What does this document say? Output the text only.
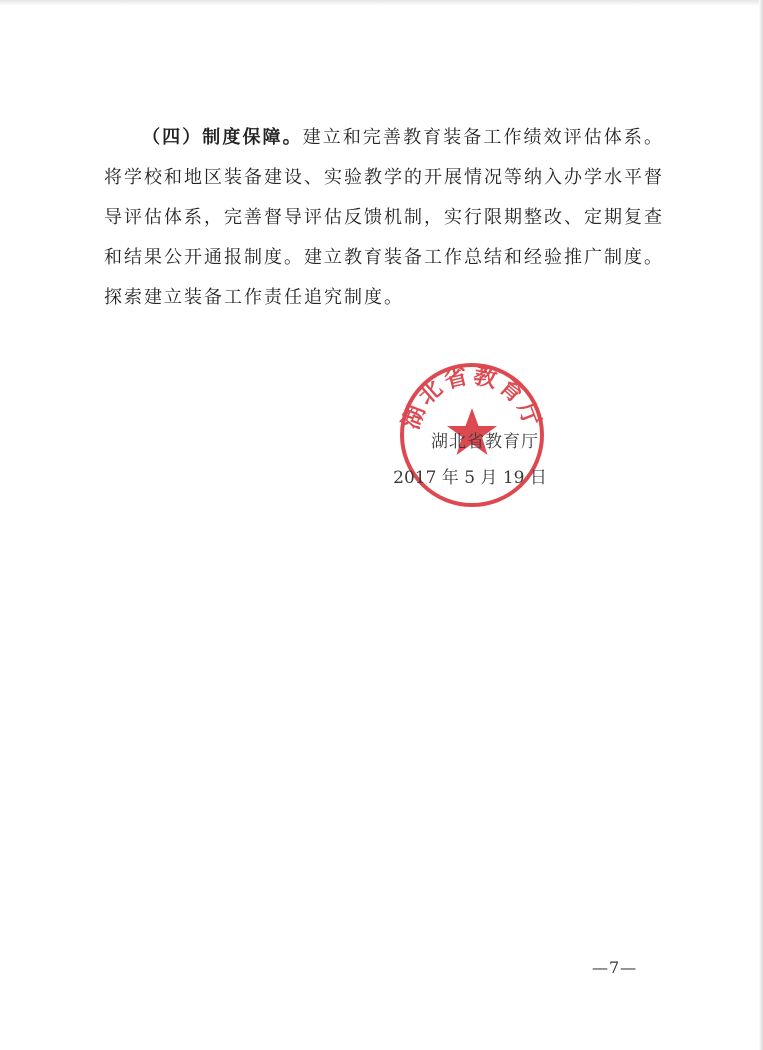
（四）制度保障。建立和完善教育装备工作绩效评估体系。将学校和地区装备建设、实验教学的开展情况等纳入办学水平督导评估体系，完善督导评估反馈机制，实行限期整改、定期复查和结果公开通报制度。建立教育装备工作总结和经验推广制度。探索建立装备工作责任追究制度。

湖北省教育厅
湖北省教育厅
2017 年 5 月 19 日
—7—
